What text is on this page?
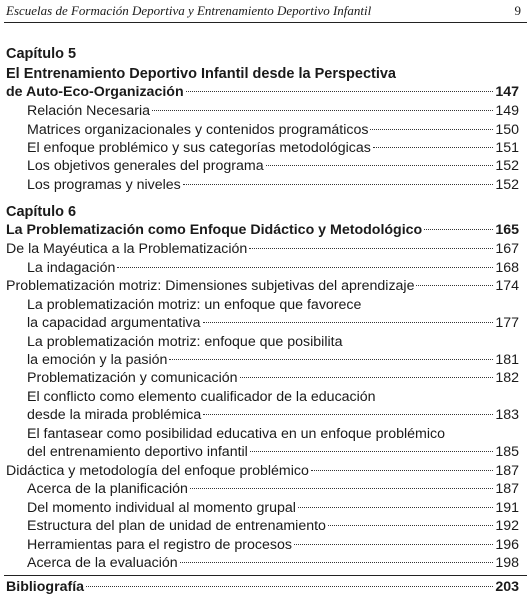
Escuelas de Formación Deportiva y Entrenamiento Deportivo Infantil	9
Capítulo 5
El Entrenamiento Deportivo Infantil desde la Perspectiva
de Auto-Eco-Organización	147
Relación Necesaria	149
Matrices organizacionales y contenidos programáticos	150
El enfoque problémico y sus categorías metodológicas	151
Los objetivos generales del programa	152
Los programas y niveles	152
Capítulo 6
La Problematización como Enfoque Didáctico y Metodológico	165
De la Mayéutica a la Problematización	167
La indagación	168
Problematización motriz: Dimensiones subjetivas del aprendizaje	174
La problematización motriz: un enfoque que favorece
la capacidad argumentativa	177
La problematización motriz: enfoque que posibilita
la emoción y la pasión	181
Problematización y comunicación	182
El conflicto como elemento cualificador de la educación
desde la mirada problémica	183
El fantasear como posibilidad educativa en un enfoque problémico
del entrenamiento deportivo infantil	185
Didáctica y metodología del enfoque problémico	187
Acerca de la planificación	187
Del momento individual al momento grupal	191
Estructura del plan de unidad de entrenamiento	192
Herramientas para el registro de procesos	196
Acerca de la evaluación	198
Bibliografía	203
